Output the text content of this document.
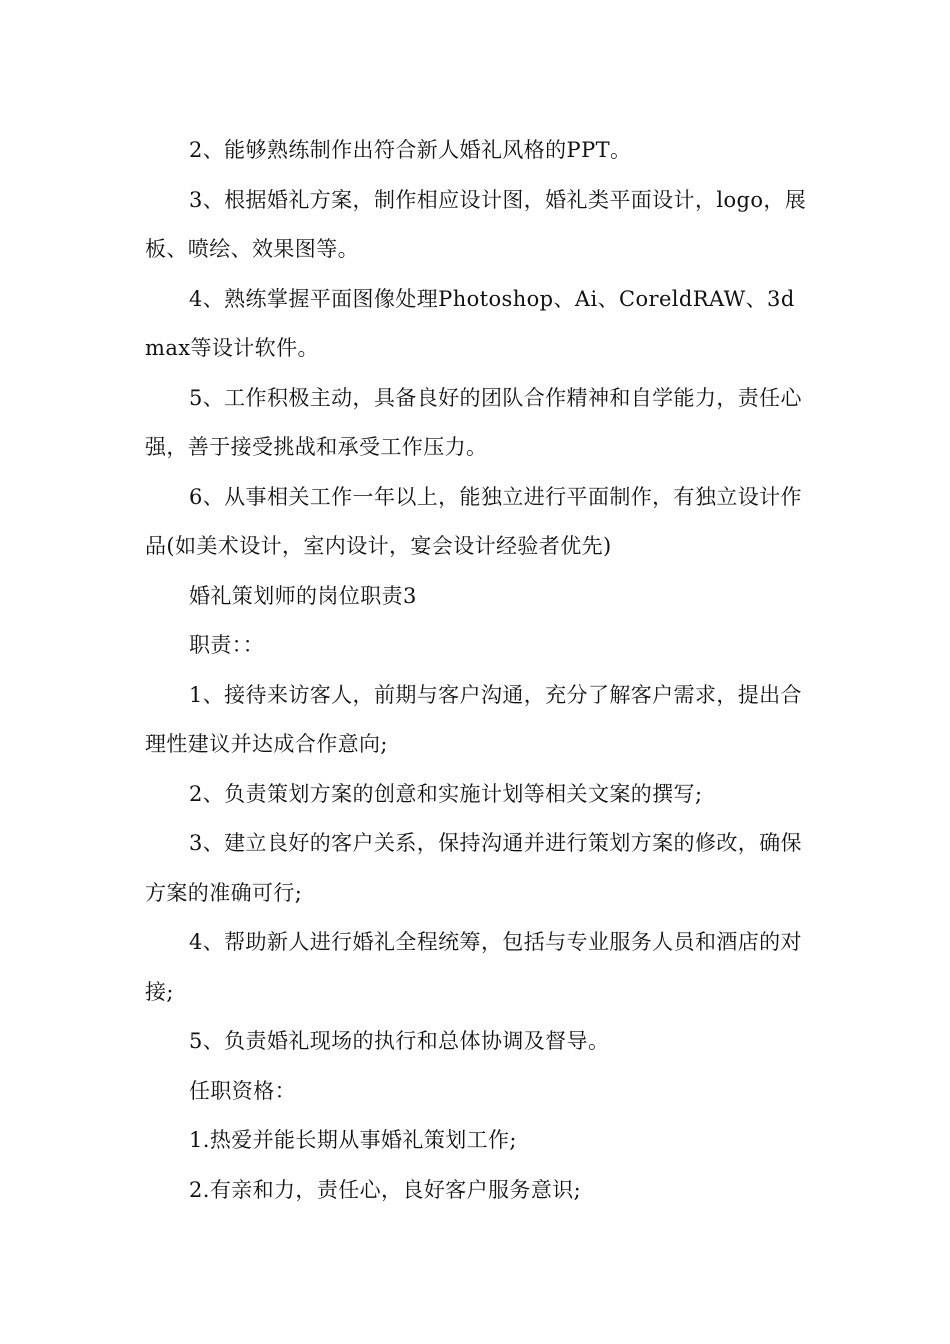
2、能够熟练制作出符合新人婚礼风格的PPT。

3、根据婚礼方案，制作相应设计图，婚礼类平面设计，logo，展板、喷绘、效果图等。

4、熟练掌握平面图像处理Photoshop、Ai、CoreldRAW、3dmax等设计软件。

5、工作积极主动，具备良好的团队合作精神和自学能力，责任心强，善于接受挑战和承受工作压力。

6、从事相关工作一年以上，能独立进行平面制作，有独立设计作品(如美术设计，室内设计，宴会设计经验者优先)

婚礼策划师的岗位职责3

职责：：

1、接待来访客人，前期与客户沟通，充分了解客户需求，提出合理性建议并达成合作意向;

2、负责策划方案的创意和实施计划等相关文案的撰写;

3、建立良好的客户关系，保持沟通并进行策划方案的修改，确保方案的准确可行;

4、帮助新人进行婚礼全程统筹，包括与专业服务人员和酒店的对接;

5、负责婚礼现场的执行和总体协调及督导。

任职资格：

1.热爱并能长期从事婚礼策划工作;

2.有亲和力，责任心，良好客户服务意识;
